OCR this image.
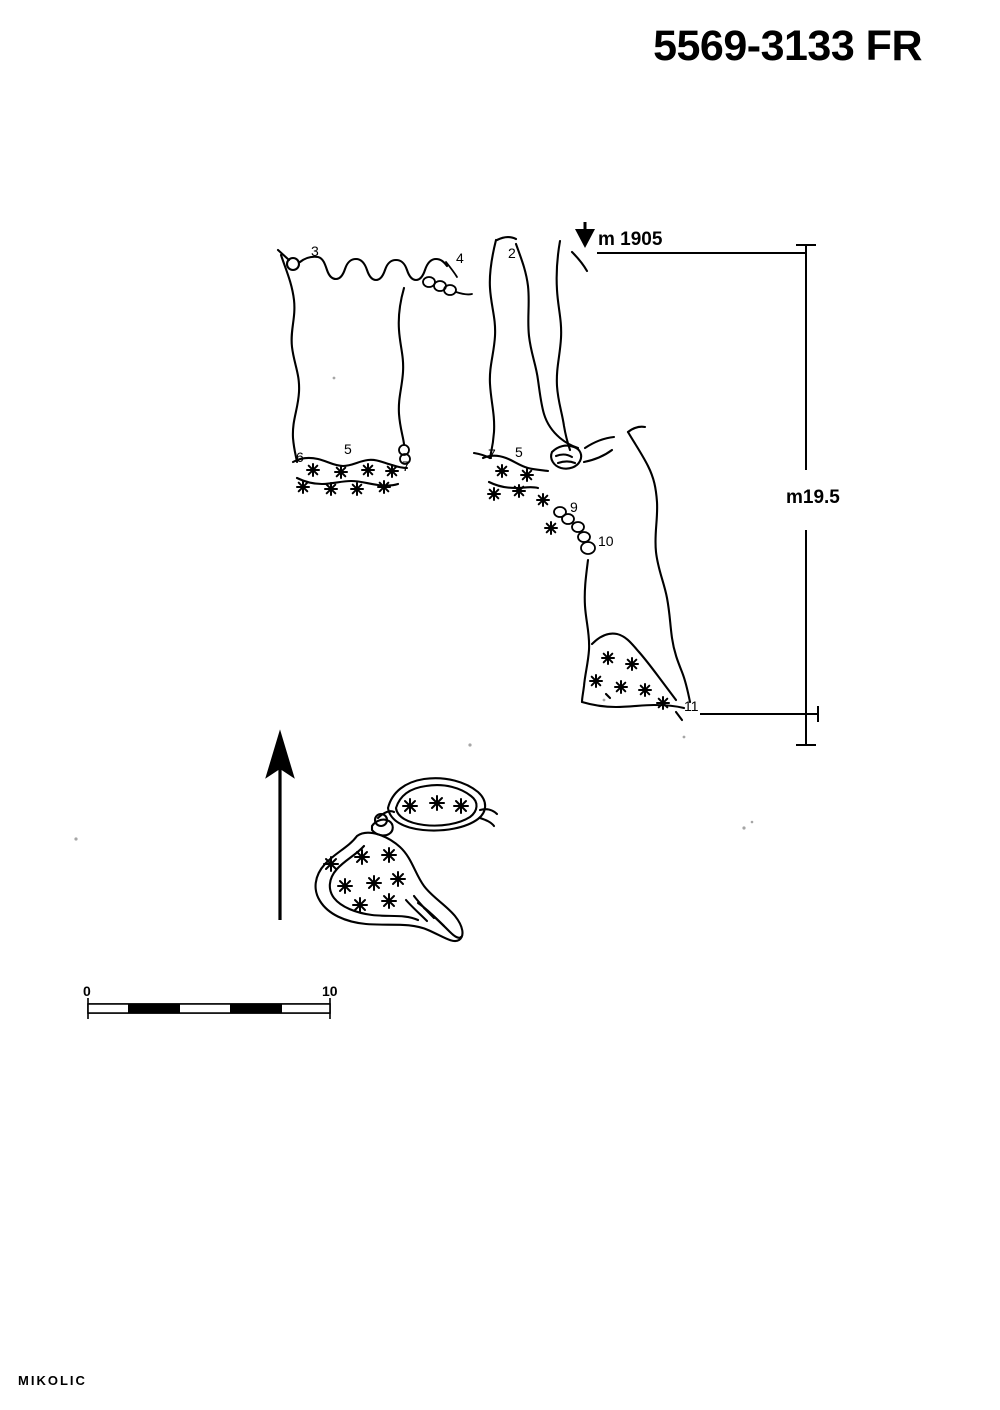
5569-3133 FR
m 1905
m19.5
3	4	2
6	5
7
7 5
9
10
11
0	10
MIKOLIC
